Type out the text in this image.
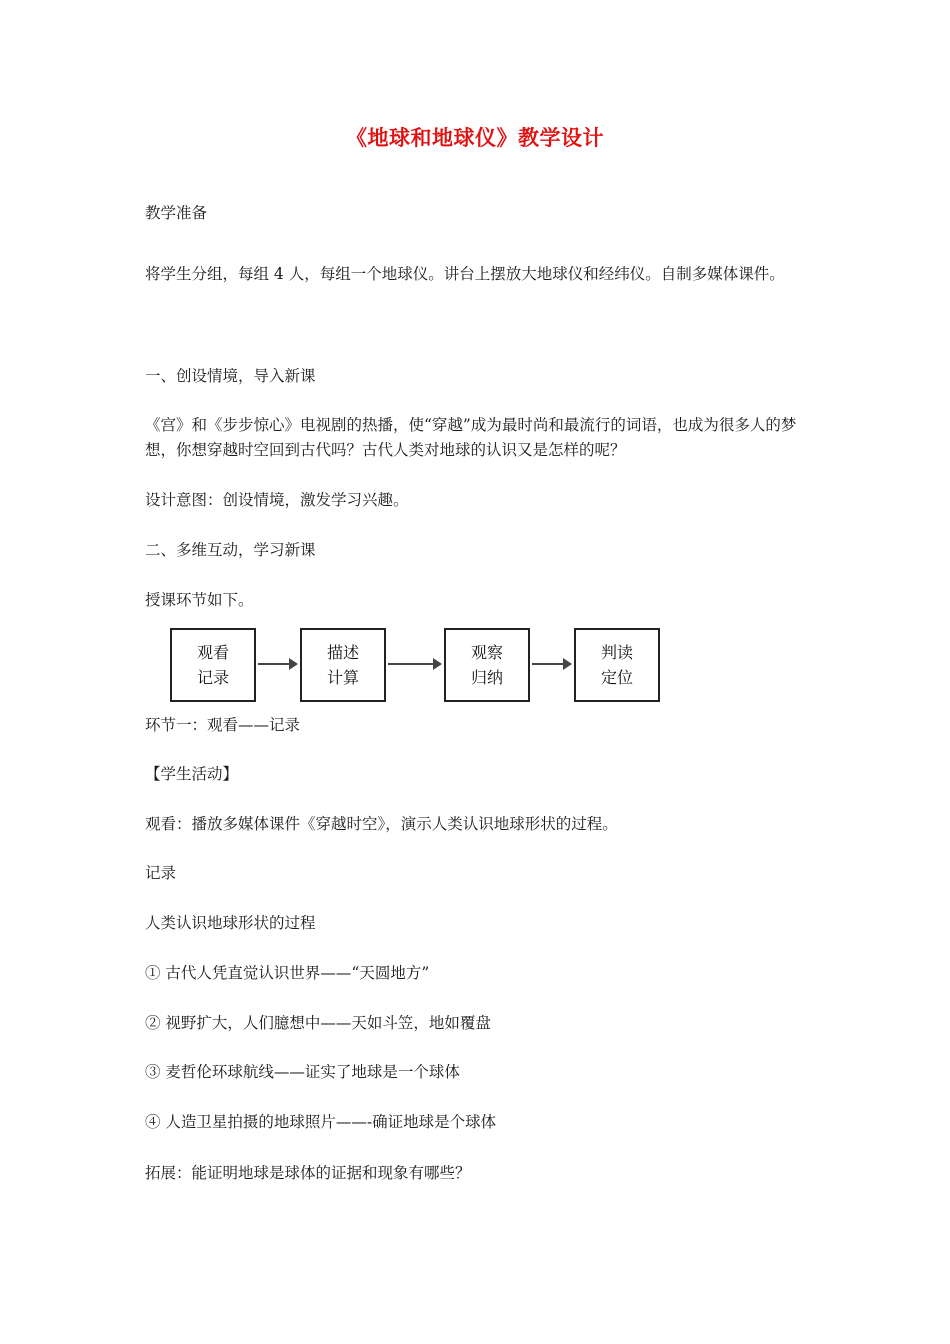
《地球和地球仪》教学设计
教学准备
将学生分组，每组 4 人，每组一个地球仪。讲台上摆放大地球仪和经纬仪。自制多媒体课件。
一、创设情境，导入新课
《宫》和《步步惊心》电视剧的热播，使“穿越”成为最时尚和最流行的词语，也成为很多人的梦想，你想穿越时空回到古代吗？古代人类对地球的认识又是怎样的呢？
设计意图：创设情境，激发学习兴趣。
二、多维互动，学习新课
授课环节如下。
观看
记录
描述
计算
观察
归纳
判读
定位
环节一：观看——记录
【学生活动】
观看：播放多媒体课件《穿越时空》，演示人类认识地球形状的过程。
记录
人类认识地球形状的过程
① 古代人凭直觉认识世界——“天圆地方”
② 视野扩大，人们臆想中——天如斗笠，地如覆盘
③ 麦哲伦环球航线——证实了地球是一个球体
④ 人造卫星拍摄的地球照片——-确证地球是个球体
拓展：能证明地球是球体的证据和现象有哪些？
